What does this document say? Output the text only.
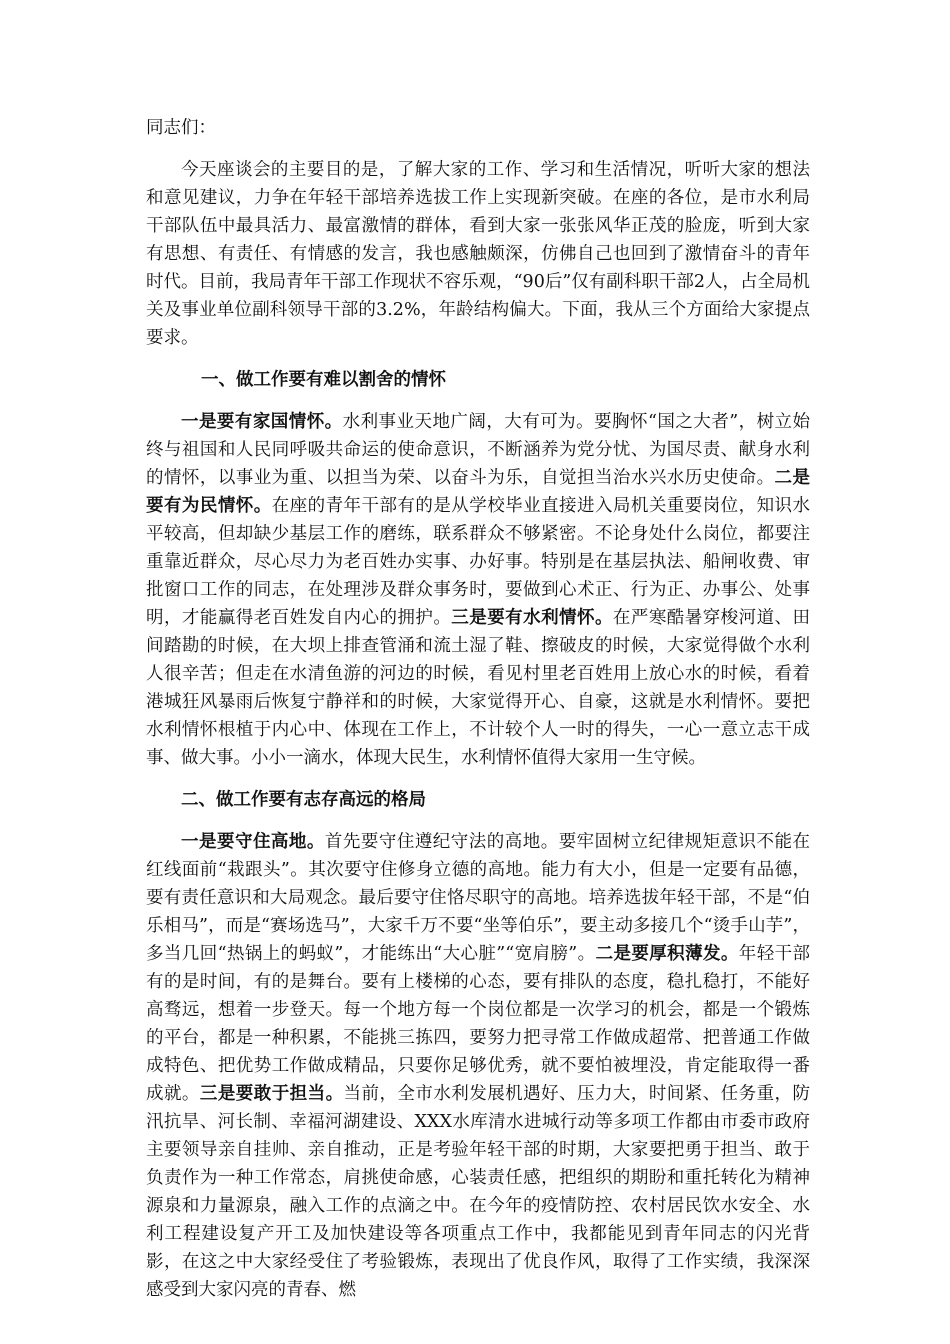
同志们：

今天座谈会的主要目的是，了解大家的工作、学习和生活情况，听听大家的想法和意见建议，力争在年轻干部培养选拔工作上实现新突破。在座的各位，是市水利局干部队伍中最具活力、最富激情的群体，看到大家一张张风华正茂的脸庞，听到大家有思想、有责任、有情感的发言，我也感触颇深，仿佛自己也回到了激情奋斗的青年时代。目前，我局青年干部工作现状不容乐观，“90后”仅有副科职干部2人，占全局机关及事业单位副科领导干部的3.2%，年龄结构偏大。下面，我从三个方面给大家提点要求。

一、做工作要有难以割舍的情怀

一是要有家国情怀。水利事业天地广阔，大有可为。要胸怀“国之大者”，树立始终与祖国和人民同呼吸共命运的使命意识，不断涵养为党分忧、为国尽责、献身水利的情怀，以事业为重、以担当为荣、以奋斗为乐，自觉担当治水兴水历史使命。二是要有为民情怀。在座的青年干部有的是从学校毕业直接进入局机关重要岗位，知识水平较高，但却缺少基层工作的磨练，联系群众不够紧密。不论身处什么岗位，都要注重靠近群众，尽心尽力为老百姓办实事、办好事。特别是在基层执法、船闸收费、审批窗口工作的同志，在处理涉及群众事务时，要做到心术正、行为正、办事公、处事明，才能赢得老百姓发自内心的拥护。三是要有水利情怀。在严寒酷暑穿梭河道、田间踏勘的时候，在大坝上排查管涌和流土湿了鞋、擦破皮的时候，大家觉得做个水利人很辛苦；但走在水清鱼游的河边的时候，看见村里老百姓用上放心水的时候，看着港城狂风暴雨后恢复宁静祥和的时候，大家觉得开心、自豪，这就是水利情怀。要把水利情怀根植于内心中、体现在工作上，不计较个人一时的得失，一心一意立志干成事、做大事。小小一滴水，体现大民生，水利情怀值得大家用一生守候。

二、做工作要有志存高远的格局

一是要守住高地。首先要守住遵纪守法的高地。要牢固树立纪律规矩意识不能在红线面前“栽跟头”。其次要守住修身立德的高地。能力有大小，但是一定要有品德，要有责任意识和大局观念。最后要守住恪尽职守的高地。培养选拔年轻干部，不是“伯乐相马”，而是“赛场选马”，大家千万不要“坐等伯乐”，要主动多接几个“烫手山芋”，多当几回“热锅上的蚂蚁”，才能练出“大心脏”“宽肩膀”。二是要厚积薄发。年轻干部有的是时间，有的是舞台。要有上楼梯的心态，要有排队的态度，稳扎稳打，不能好高骛远，想着一步登天。每一个地方每一个岗位都是一次学习的机会，都是一个锻炼的平台，都是一种积累，不能挑三拣四，要努力把寻常工作做成超常、把普通工作做成特色、把优势工作做成精品，只要你足够优秀，就不要怕被埋没，肯定能取得一番成就。三是要敢于担当。当前，全市水利发展机遇好、压力大，时间紧、任务重，防汛抗旱、河长制、幸福河湖建设、XXX水库清水进城行动等多项工作都由市委市政府主要领导亲自挂帅、亲自推动，正是考验年轻干部的时期，大家要把勇于担当、敢于负责作为一种工作常态，肩挑使命感，心装责任感，把组织的期盼和重托转化为精神源泉和力量源泉，融入工作的点滴之中。在今年的疫情防控、农村居民饮水安全、水利工程建设复产开工及加快建设等各项重点工作中，我都能见到青年同志的闪光背影，在这之中大家经受住了考验锻炼，表现出了优良作风，取得了工作实绩，我深深感受到大家闪亮的青春、燃
